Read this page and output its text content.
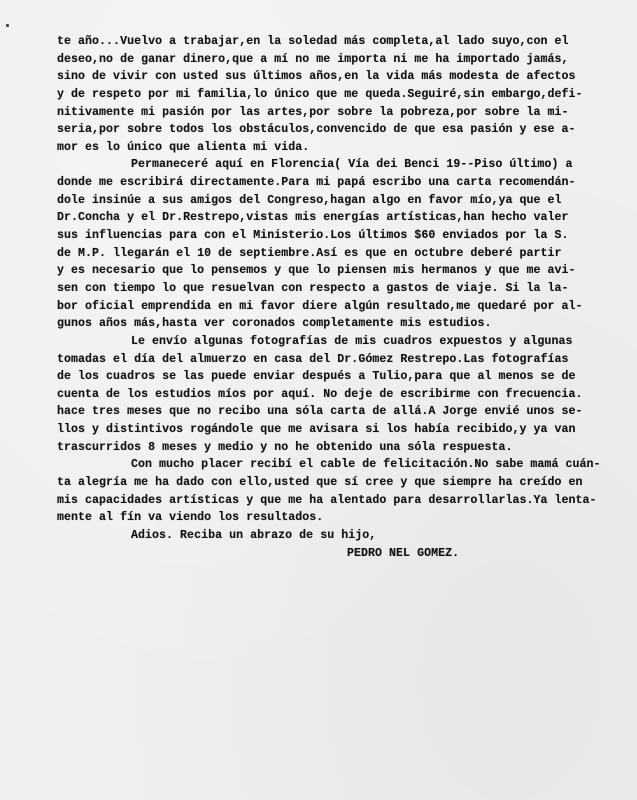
te año...Vuelvo a trabajar,en la soledad más completa,al lado suyo,con el
deseo,no de ganar dinero,que a mí no me importa ni me ha importado jamás,
sino de vivir con usted sus últimos años,en la vida más modesta de afectos
y de respeto por mi familia,lo único que me queda.Seguiré,sin embargo,defi-
nitivamente mi pasión por las artes,por sobre la pobreza,por sobre la mi-
seria,por sobre todos los obstáculos,convencido de que esa pasión y ese a-
mor es lo único que alienta mi vida.
Permaneceré aquí en Florencia( Vía dei Benci 19--Piso último) a
donde me escribirá directamente.Para mi papá escribo una carta recomendán-
dole insinúe a sus amigos del Congreso,hagan algo en favor mío,ya que el
Dr.Concha y el Dr.Restrepo,vistas mis energías artísticas,han hecho valer
sus influencias para con el Ministerio.Los últimos $60 enviados por la S.
de M.P. llegarán el 10 de septiembre.Así es que en octubre deberé partir
y es necesario que lo pensemos y que lo piensen mis hermanos y que me avi-
sen con tiempo lo que resuelvan con respecto a gastos de viaje. Si la la-
bor oficial emprendida en mi favor diere algún resultado,me quedaré por al-
gunos años más,hasta ver coronados completamente mis estudios.
Le envío algunas fotografías de mis cuadros expuestos y algunas
tomadas el día del almuerzo en casa del Dr.Gómez Restrepo.Las fotografías
de los cuadros se las puede enviar después a Tulio,para que al menos se de
cuenta de los estudios míos por aquí. No deje de escribirme con frecuencia.
hace tres meses que no recibo una sóla carta de allá.A Jorge envié unos se-
llos y distintivos rogándole que me avisara si los había recibido,y ya van
trascurridos 8 meses y medio y no he obtenido una sóla respuesta.
Con mucho placer recibí el cable de felicitación.No sabe mamá cuán-
ta alegría me ha dado con ello,usted que sí cree y que siempre ha creído en
mis capacidades artísticas y que me ha alentado para desarrollarlas.Ya lenta-
mente al fín va viendo los resultados.
Adios. Reciba un abrazo de su hijo,
PEDRO NEL GOMEZ.
